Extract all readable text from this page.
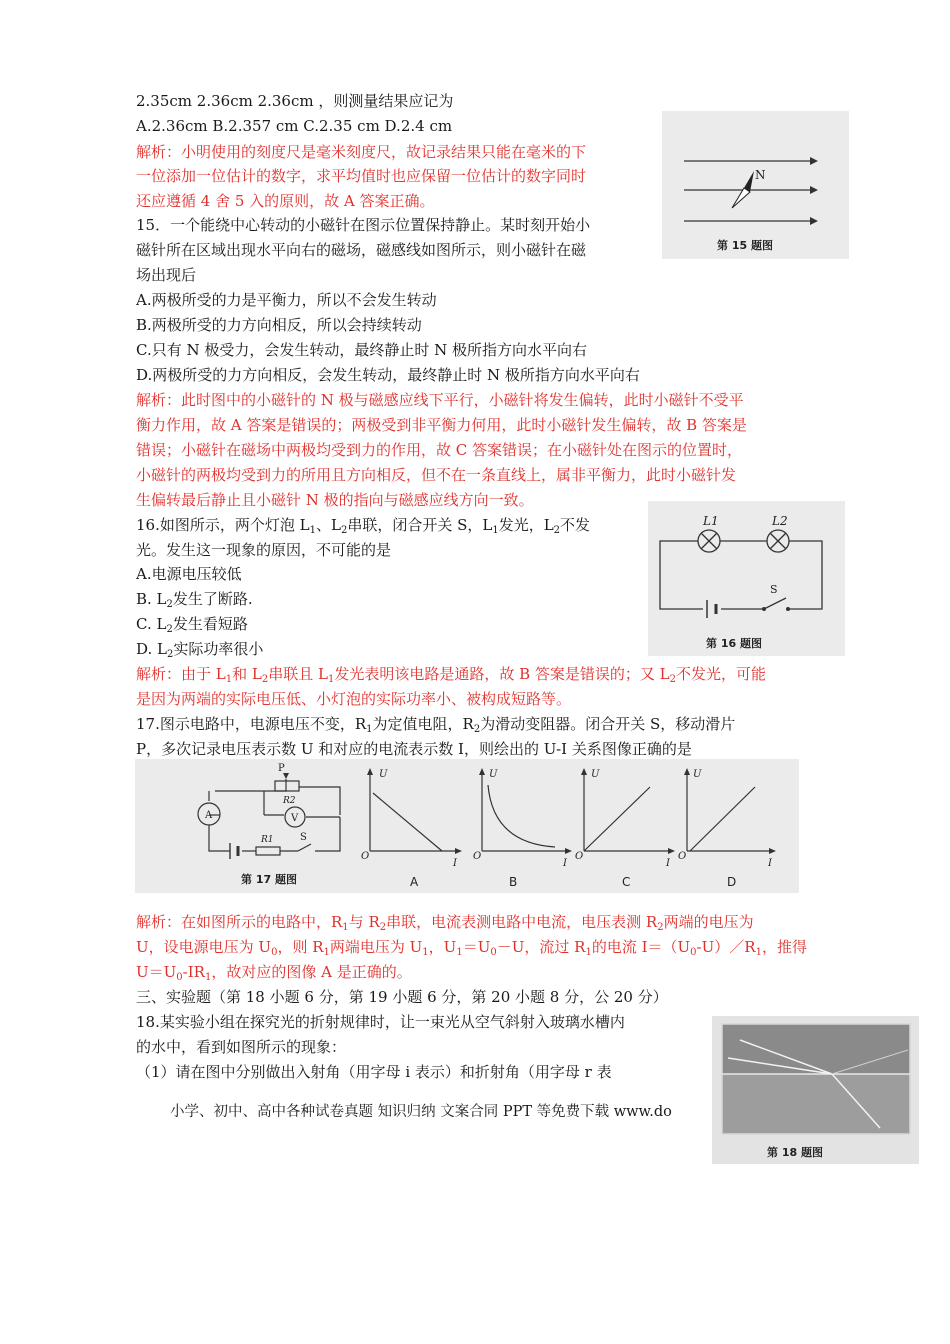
2.35cm 2.36cm 2.36cm ，则测量结果应记为
A.2.36cm B.2.357 cm C.2.35 cm D.2.4 cm
解析：小明使用的刻度尺是毫米刻度尺，故记录结果只能在毫米的下
一位添加一位估计的数字，求平均值时也应保留一位估计的数字同时
还应遵循 4 舍 5 入的原则，故 A 答案正确。
15．一个能绕中心转动的小磁针在图示位置保持静止。某时刻开始小
磁针所在区域出现水平向右的磁场，磁感线如图所示，则小磁针在磁
场出现后
A.两极所受的力是平衡力，所以不会发生转动
B.两极所受的力方向相反，所以会持续转动
C.只有 N 极受力，会发生转动，最终静止时 N 极所指方向水平向右
D.两极所受的力方向相反，会发生转动，最终静止时 N 极所指方向水平向右
解析：此时图中的小磁针的 N 极与磁感应线下平行，小磁针将发生偏转，此时小磁针不受平
衡力作用，故 A 答案是错误的；两极受到非平衡力何用，此时小磁针发生偏转，故 B 答案是
错误；小磁针在磁场中两极均受到力的作用，故 C 答案错误；在小磁针处在图示的位置时，
小磁针的两极均受到力的所用且方向相反，但不在一条直线上，属非平衡力，此时小磁针发
生偏转最后静止且小磁针 N 极的指向与磁感应线方向一致。
N
第 15 题图
16.如图所示，两个灯泡 $L_1$、$L_2$串联，闭合开关 S，$L_1$发光，$L_2$不发
光。发生这一现象的原因，不可能的是
A.电源电压较低
B. $L_2$发生了断路.
C. $L_2$发生看短路
D. $L_2$实际功率很小
解析：由于 $L_1$和 $L_2$串联且 $L_1$发光表明该电路是通路，故 B 答案是错误的；又 $L_2$不发光，可能
是因为两端的实际电压低、小灯泡的实际功率小、被构成短路等。
L1	L2
S
第 16 题图
17.图示电路中，电源电压不变，$R_1$为定值电阻，$R_2$为滑动变阻器。闭合开关 S，移动滑片
P，多次记录电压表示数 U 和对应的电流表示数 I，则绘出的 U-I 关系图像正确的是
P
R2
R1
A	V
S
第 17 题图
U
O
I
A
U
O
I
B
U
O
I
C
U
O
I
D
解析：在如图所示的电路中，$R_1$与 $R_2$串联，电流表测电路中电流，电压表测 $R_2$两端的电压为
U，设电源电压为 $U_0$，则 $R_1$两端电压为 $U_1$，$U_1=U_0-U$，流过 $R_1$的电流 $I=(U_0-U)/R_1$，推得
$U=U_0-IR_1$，故对应的图像 A 是正确的。
三、实验题（第 18 小题 6 分，第 19 小题 6 分，第 20 小题 8 分，公 20 分）
18.某实验小组在探究光的折射规律时，让一束光从空气斜射入玻璃水槽内
的水中，看到如图所示的现象：
（1）请在图中分别做出入射角（用字母 i 表示）和折射角（用字母 r 表
小学、初中、高中各种试卷真题 知识归纳 文案合同 PPT 等免费下载 www.do
第 18 题图
